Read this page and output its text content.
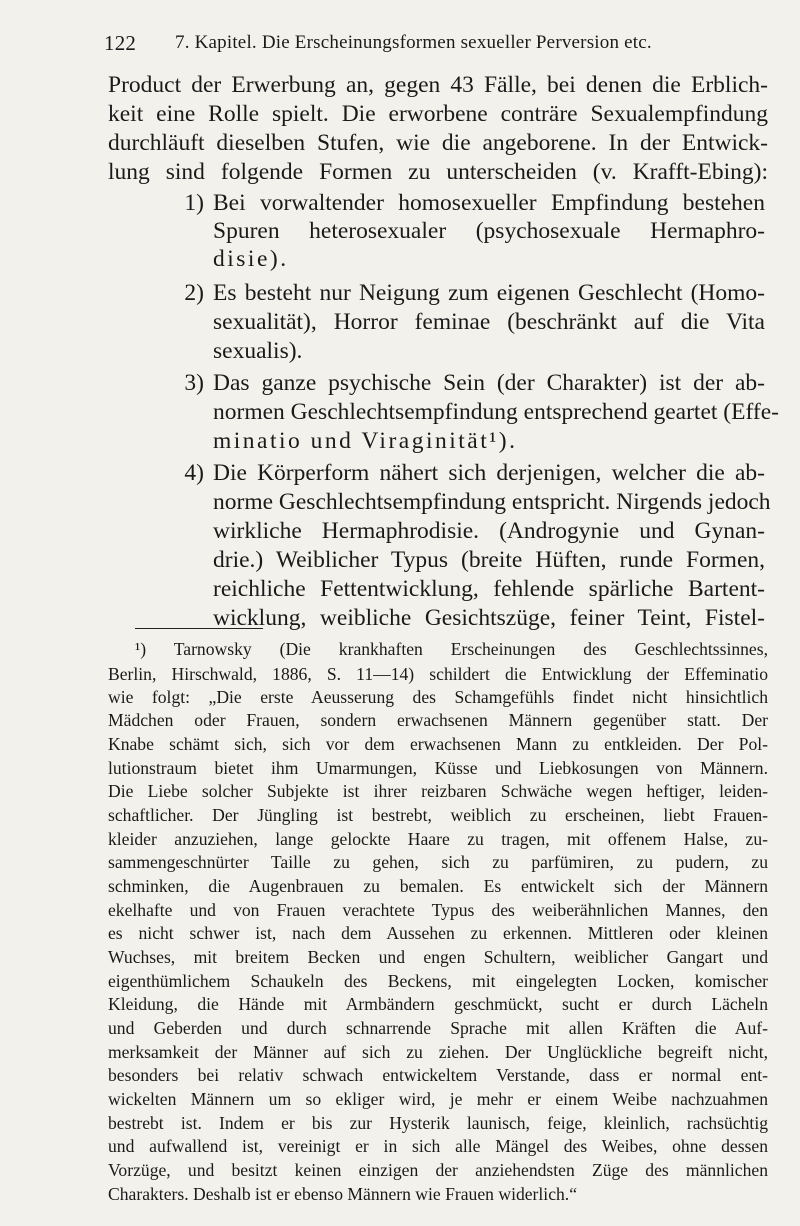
122 7. Kapitel. Die Erscheinungsformen sexueller Perversion etc.
Product der Erwerbung an, gegen 43 Fälle, bei denen die Erblich-
keit eine Rolle spielt. Die erworbene conträre Sexualempfindung
durchläuft dieselben Stufen, wie die angeborene. In der Entwick-
lung sind folgende Formen zu unterscheiden (v. Krafft-Ebing):
1) Bei vorwaltender homosexueller Empfindung bestehen
Spuren heterosexualer (psychosexuale Hermaphro-
disie).
2) Es besteht nur Neigung zum eigenen Geschlecht (Homo-
sexualität), Horror feminae (beschränkt auf die Vita
sexualis).
3) Das ganze psychische Sein (der Charakter) ist der ab-
normen Geschlechtsempfindung entsprechend geartet (Effe-
minatio und Viraginität¹).
4) Die Körperform nähert sich derjenigen, welcher die ab-
norme Geschlechtsempfindung entspricht. Nirgends jedoch
wirkliche Hermaphrodisie. (Androgynie und Gynan-
drie.) Weiblicher Typus (breite Hüften, runde Formen,
reichliche Fettentwicklung, fehlende spärliche Bartent-
wicklung, weibliche Gesichtszüge, feiner Teint, Fistel-
¹) Tarnowsky (Die krankhaften Erscheinungen des Geschlechtssinnes,
Berlin, Hirschwald, 1886, S. 11—14) schildert die Entwicklung der Effeminatio
wie folgt: „Die erste Aeusserung des Schamgefühls findet nicht hinsichtlich
Mädchen oder Frauen, sondern erwachsenen Männern gegenüber statt. Der
Knabe schämt sich, sich vor dem erwachsenen Mann zu entkleiden. Der Pol-
lutionstraum bietet ihm Umarmungen, Küsse und Liebkosungen von Männern.
Die Liebe solcher Subjekte ist ihrer reizbaren Schwäche wegen heftiger, leiden-
schaftlicher. Der Jüngling ist bestrebt, weiblich zu erscheinen, liebt Frauen-
kleider anzuziehen, lange gelockte Haare zu tragen, mit offenem Halse, zu-
sammengeschnürter Taille zu gehen, sich zu parfümiren, zu pudern, zu
schminken, die Augenbrauen zu bemalen. Es entwickelt sich der Männern
ekelhafte und von Frauen verachtete Typus des weiberähnlichen Mannes, den
es nicht schwer ist, nach dem Aussehen zu erkennen. Mittleren oder kleinen
Wuchses, mit breitem Becken und engen Schultern, weiblicher Gangart und
eigenthümlichem Schaukeln des Beckens, mit eingelegten Locken, komischer
Kleidung, die Hände mit Armbändern geschmückt, sucht er durch Lächeln
und Geberden und durch schnarrende Sprache mit allen Kräften die Auf-
merksamkeit der Männer auf sich zu ziehen. Der Unglückliche begreift nicht,
besonders bei relativ schwach entwickeltem Verstande, dass er normal ent-
wickelten Männern um so ekliger wird, je mehr er einem Weibe nachzuahmen
bestrebt ist. Indem er bis zur Hysterik launisch, feige, kleinlich, rachsüchtig
und aufwallend ist, vereinigt er in sich alle Mängel des Weibes, ohne dessen
Vorzüge, und besitzt keinen einzigen der anziehendsten Züge des männlichen
Charakters. Deshalb ist er ebenso Männern wie Frauen widerlich.“
